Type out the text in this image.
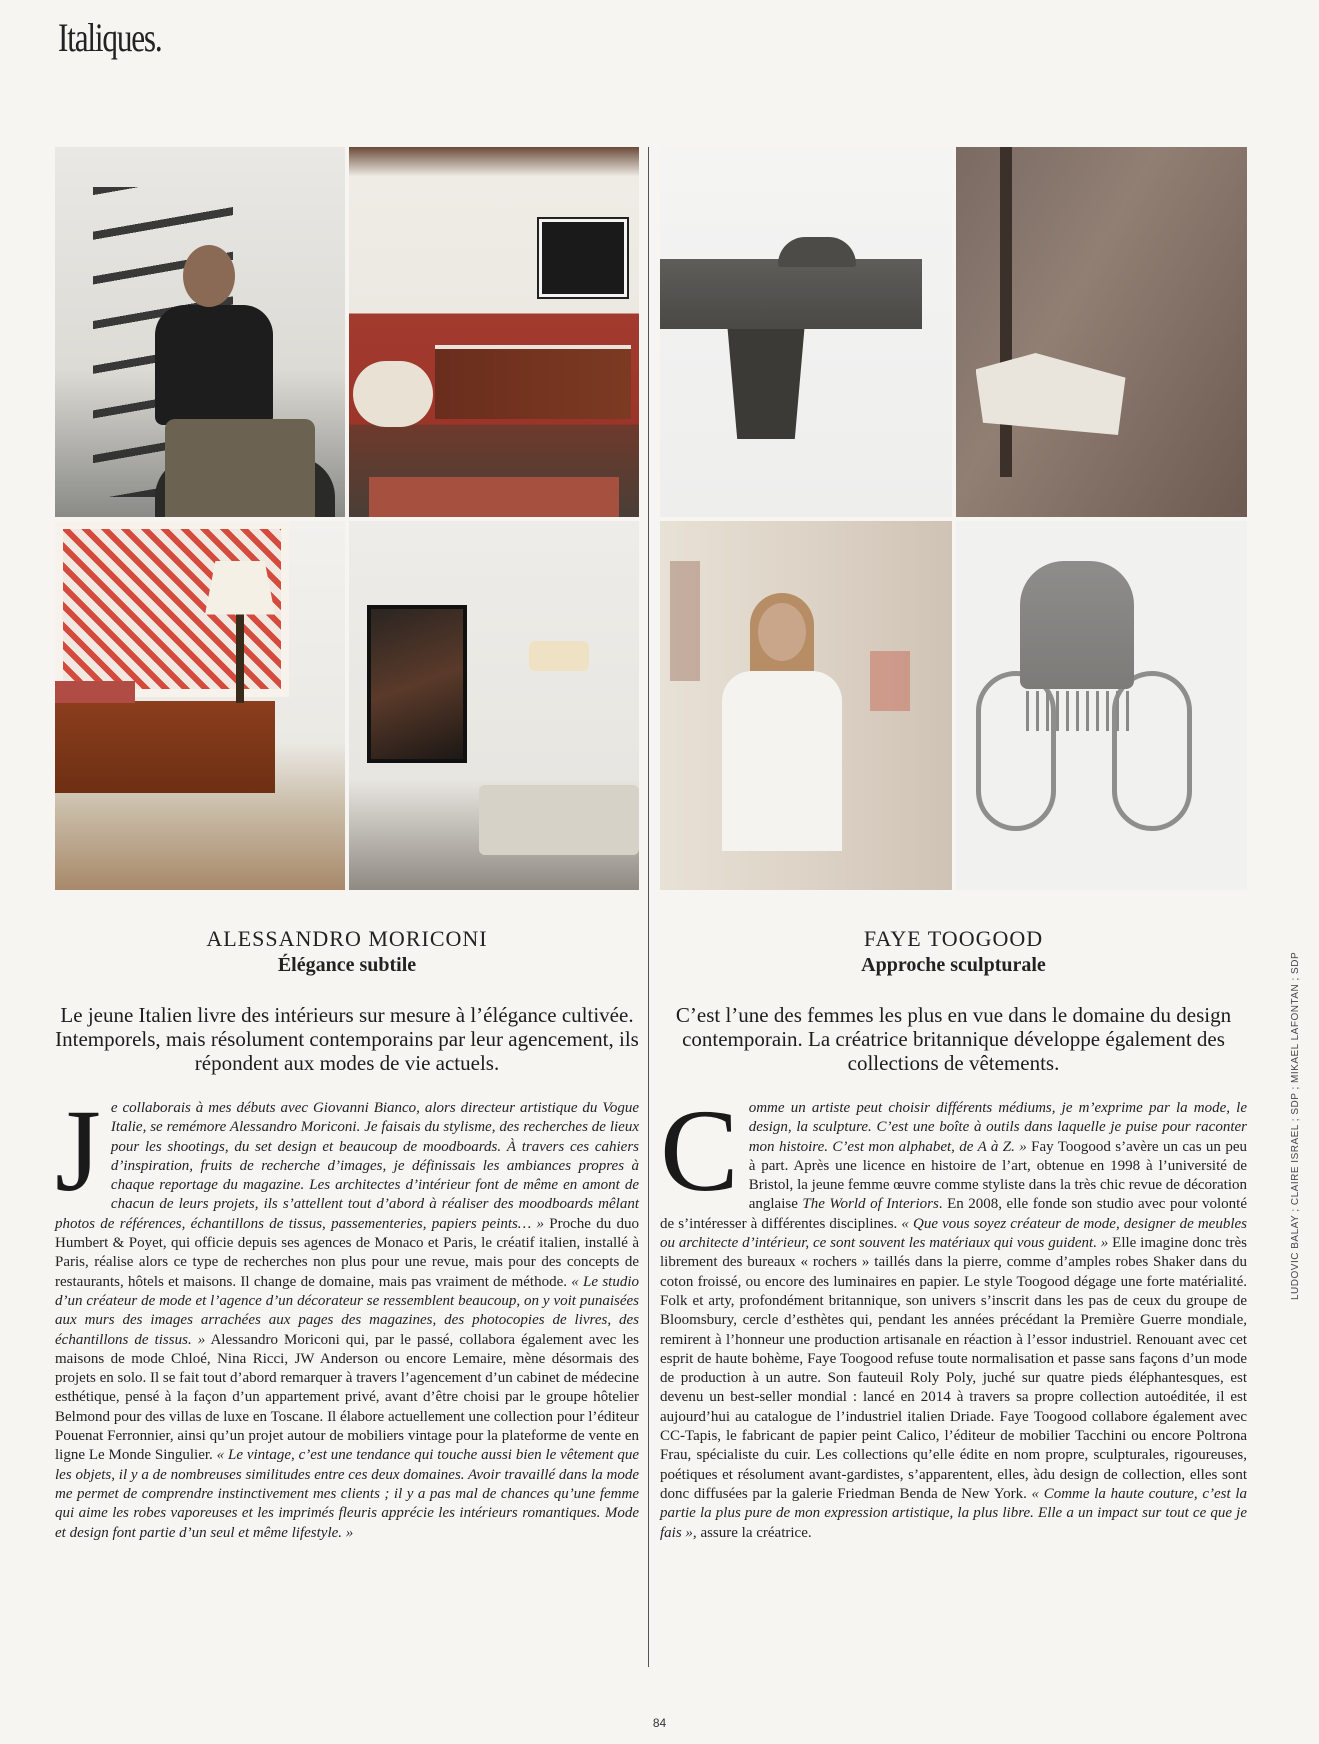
Italiques.
ALESSANDRO MORICONI
Élégance subtile

Le jeune Italien livre des intérieurs sur mesure à l’élégance cultivée. Intemporels, mais résolument contemporains par leur agencement, ils répondent aux modes de vie actuels.

Je collaborais à mes débuts avec Giovanni Bianco, alors directeur artistique du Vogue Italie, se remémore Alessandro Moriconi. Je faisais du stylisme, des recherches de lieux pour les shootings, du set design et beaucoup de moodboards. À travers ces cahiers d’inspiration, fruits de recherche d’images, je définissais les ambiances propres à chaque reportage du magazine. Les architectes d’intérieur font de même en amont de chacun de leurs projets, ils s’attellent tout d’abord à réaliser des moodboards mêlant photos de références, échantillons de tissus, passementeries, papiers peints… » Proche du duo Humbert & Poyet, qui officie depuis ses agences de Monaco et Paris, le créatif italien, installé à Paris, réalise alors ce type de recherches non plus pour une revue, mais pour des concepts de restaurants, hôtels et maisons. Il change de domaine, mais pas vraiment de méthode. « Le studio d’un créateur de mode et l’agence d’un décorateur se ressemblent beaucoup, on y voit punaisées aux murs des images arrachées aux pages des magazines, des photocopies de livres, des échantillons de tissus. » Alessandro Moriconi qui, par le passé, collabora également avec les maisons de mode Chloé, Nina Ricci, JW Anderson ou encore Lemaire, mène désormais des projets en solo. Il se fait tout d’abord remarquer à travers l’agencement d’un cabinet de médecine esthétique, pensé à la façon d’un appartement privé, avant d’être choisi par le groupe hôtelier Belmond pour des villas de luxe en Toscane. Il élabore actuellement une collection pour l’éditeur Pouenat Ferronnier, ainsi qu’un projet autour de mobiliers vintage pour la plateforme de vente en ligne Le Monde Singulier. « Le vintage, c’est une tendance qui touche aussi bien le vêtement que les objets, il y a de nombreuses similitudes entre ces deux domaines. Avoir travaillé dans la mode me permet de comprendre instinctivement mes clients ; il y a pas mal de chances qu’une femme qui aime les robes vaporeuses et les imprimés fleuris apprécie les intérieurs romantiques. Mode et design font partie d’un seul et même lifestyle. »
FAYE TOOGOOD
Approche sculpturale

C’est l’une des femmes les plus en vue dans le domaine du design contemporain. La créatrice britannique développe également des collections de vêtements.

Comme un artiste peut choisir différents médiums, je m’exprime par la mode, le design, la sculpture. C’est une boîte à outils dans laquelle je puise pour raconter mon histoire. C’est mon alphabet, de A à Z. » Fay Toogood s’avère un cas un peu à part. Après une licence en histoire de l’art, obtenue en 1998 à l’université de Bristol, la jeune femme œuvre comme styliste dans la très chic revue de décoration anglaise The World of Interiors. En 2008, elle fonde son studio avec pour volonté de s’intéresser à différentes disciplines. « Que vous soyez créateur de mode, designer de meubles ou architecte d’intérieur, ce sont souvent les matériaux qui vous guident. » Elle imagine donc très librement des bureaux « rochers » taillés dans la pierre, comme d’amples robes Shaker dans du coton froissé, ou encore des luminaires en papier. Le style Toogood dégage une forte matérialité. Folk et arty, profondément britannique, son univers s’inscrit dans les pas de ceux du groupe de Bloomsbury, cercle d’esthètes qui, pendant les années précédant la Première Guerre mondiale, remirent à l’honneur une production artisanale en réaction à l’essor industriel. Renouant avec cet esprit de haute bohème, Faye Toogood refuse toute normalisation et passe sans façons d’un mode de production à un autre. Son fauteuil Roly Poly, juché sur quatre pieds éléphantesques, est devenu un best-seller mondial : lancé en 2014 à travers sa propre collection autoéditée, il est aujourd’hui au catalogue de l’industriel italien Driade. Faye Toogood collabore également avec CC-Tapis, le fabricant de papier peint Calico, l’éditeur de mobilier Tacchini ou encore Poltrona Frau, spécialiste du cuir. Les collections qu’elle édite en nom propre, sculpturales, rigoureuses, poétiques et résolument avant-gardistes, s’apparentent, elles, àdu design de collection, elles sont donc diffusées par la galerie Friedman Benda de New York. « Comme la haute couture, c’est la partie la plus pure de mon expression artistique, la plus libre. Elle a un impact sur tout ce que je fais », assure la créatrice.
LUDOVIC BALAY ; CLAIRE ISRAEL ; SDP ; MIKAEL LAFONTAN ; SDP
84
